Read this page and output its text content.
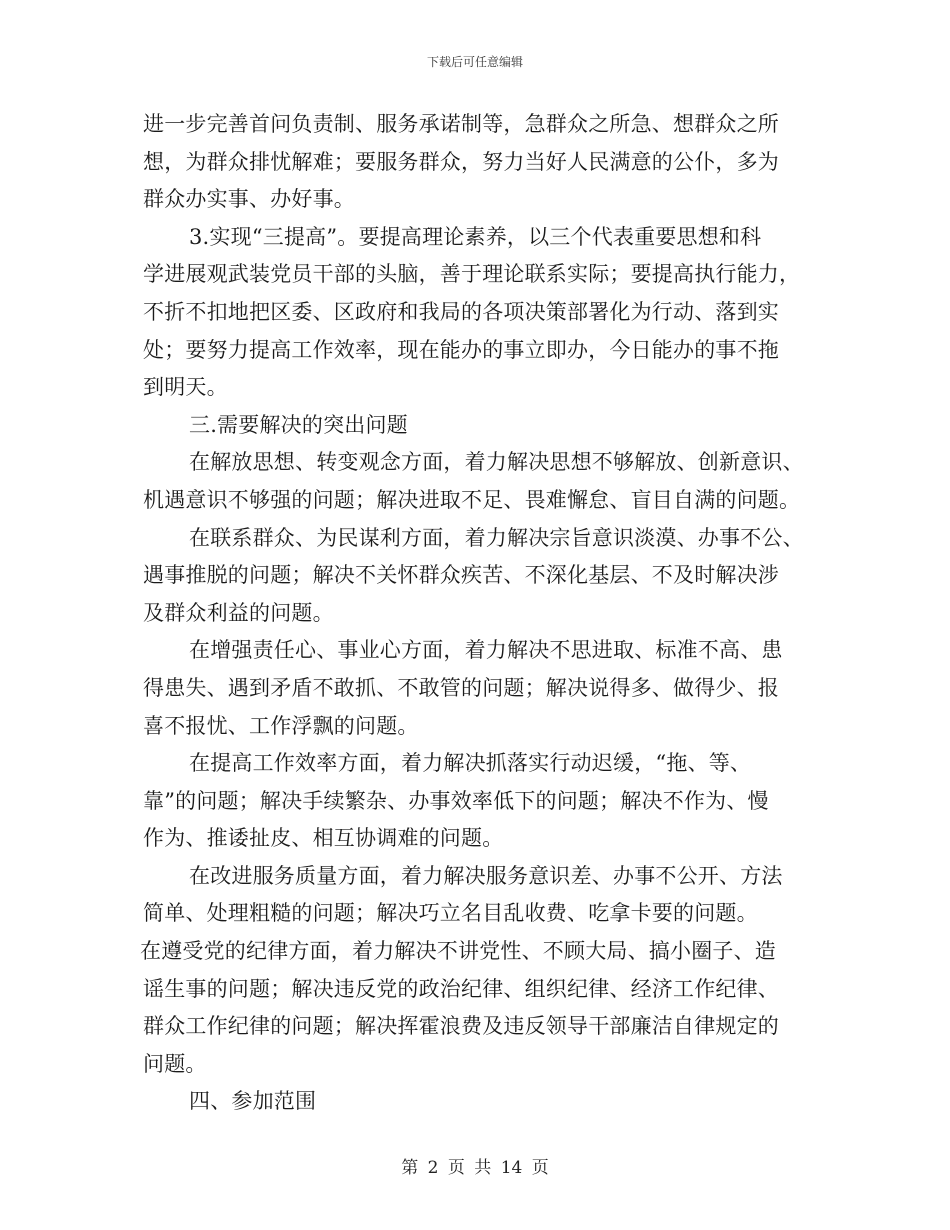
下载后可任意编辑
进一步完善首问负责制、服务承诺制等，急群众之所急、想群众之所
想，为群众排忧解难；要服务群众，努力当好人民满意的公仆，多为
群众办实事、办好事。
3.实现“三提高”。要提高理论素养，以三个代表重要思想和科
学进展观武装党员干部的头脑，善于理论联系实际；要提高执行能力，
不折不扣地把区委、区政府和我局的各项决策部署化为行动、落到实
处；要努力提高工作效率，现在能办的事立即办，今日能办的事不拖
到明天。
三.需要解决的突出问题
在解放思想、转变观念方面，着力解决思想不够解放、创新意识、
机遇意识不够强的问题；解决进取不足、畏难懈怠、盲目自满的问题。
在联系群众、为民谋利方面，着力解决宗旨意识淡漠、办事不公、
遇事推脱的问题；解决不关怀群众疾苦、不深化基层、不及时解决涉
及群众利益的问题。
在增强责任心、事业心方面，着力解决不思进取、标准不高、患
得患失、遇到矛盾不敢抓、不敢管的问题；解决说得多、做得少、报
喜不报忧、工作浮飘的问题。
在提高工作效率方面，着力解决抓落实行动迟缓，“拖、等、
靠”的问题；解决手续繁杂、办事效率低下的问题；解决不作为、慢
作为、推诿扯皮、相互协调难的问题。
在改进服务质量方面，着力解决服务意识差、办事不公开、方法
简单、处理粗糙的问题；解决巧立名目乱收费、吃拿卡要的问题。
在遵受党的纪律方面，着力解决不讲党性、不顾大局、搞小圈子、造
谣生事的问题；解决违反党的政治纪律、组织纪律、经济工作纪律、
群众工作纪律的问题；解决挥霍浪费及违反领导干部廉洁自律规定的
问题。
四、参加范围
第 2 页 共 14 页
